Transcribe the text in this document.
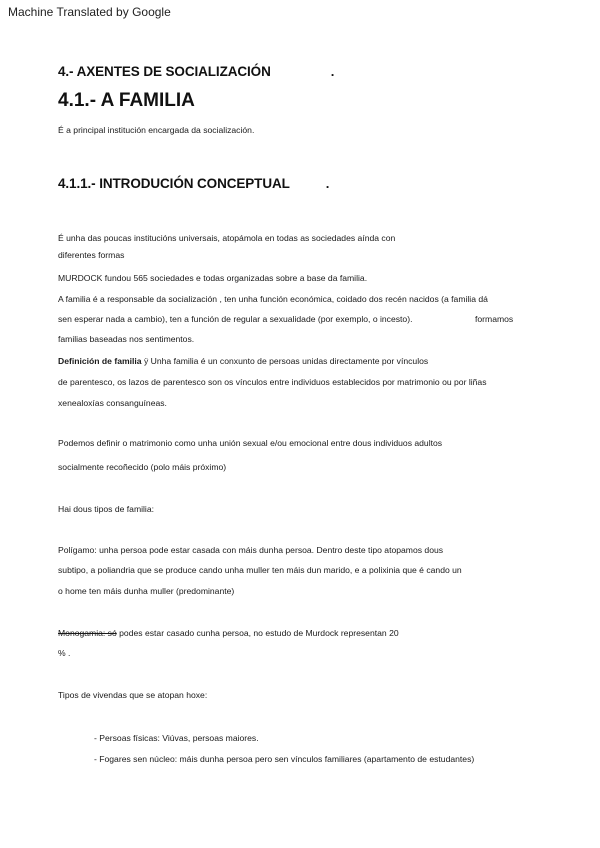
Machine Translated by Google
4.- AXENTES DE SOCIALIZACIÓN	.
4.1.- A FAMILIA
É a principal institución encargada da socialización.
4.1.1.- INTRODUCIÓN CONCEPTUAL	.
É unha das poucas institucións universais, atopámola en todas as sociedades aínda con
diferentes formas
MURDOCK fundou 565 sociedades e todas organizadas sobre a base da familia.
A familia é a responsable da socialización , ten unha función económica, coidado dos recén nacidos (a familia dá
sen esperar nada a cambio), ten a función de regular a sexualidade (por exemplo, o incesto).	formamos
familias baseadas nos sentimentos.
Definición de familia ÿ Unha familia é un conxunto de persoas unidas directamente por vínculos
de parentesco, os lazos de parentesco son os vínculos entre individuos establecidos por matrimonio ou por liñas
xenealoxías consanguíneas.
Podemos definir o matrimonio como unha unión sexual e/ou emocional entre dous individuos adultos
socialmente recoñecido (polo máis próximo)
Hai dous tipos de familia:
Polígamo: unha persoa pode estar casada con máis dunha persoa. Dentro deste tipo atopamos dous
subtipo, a poliandria que se produce cando unha muller ten máis dun marido, e a polixinia que é cando un
o home ten máis dunha muller (predominante)
Monogamia: só podes estar casado cunha persoa, no estudo de Murdock representan 20
% .
Tipos de vivendas que se atopan hoxe:
- Persoas físicas: Viúvas, persoas maiores.
- Fogares sen núcleo: máis dunha persoa pero sen vínculos familiares (apartamento de estudantes)
